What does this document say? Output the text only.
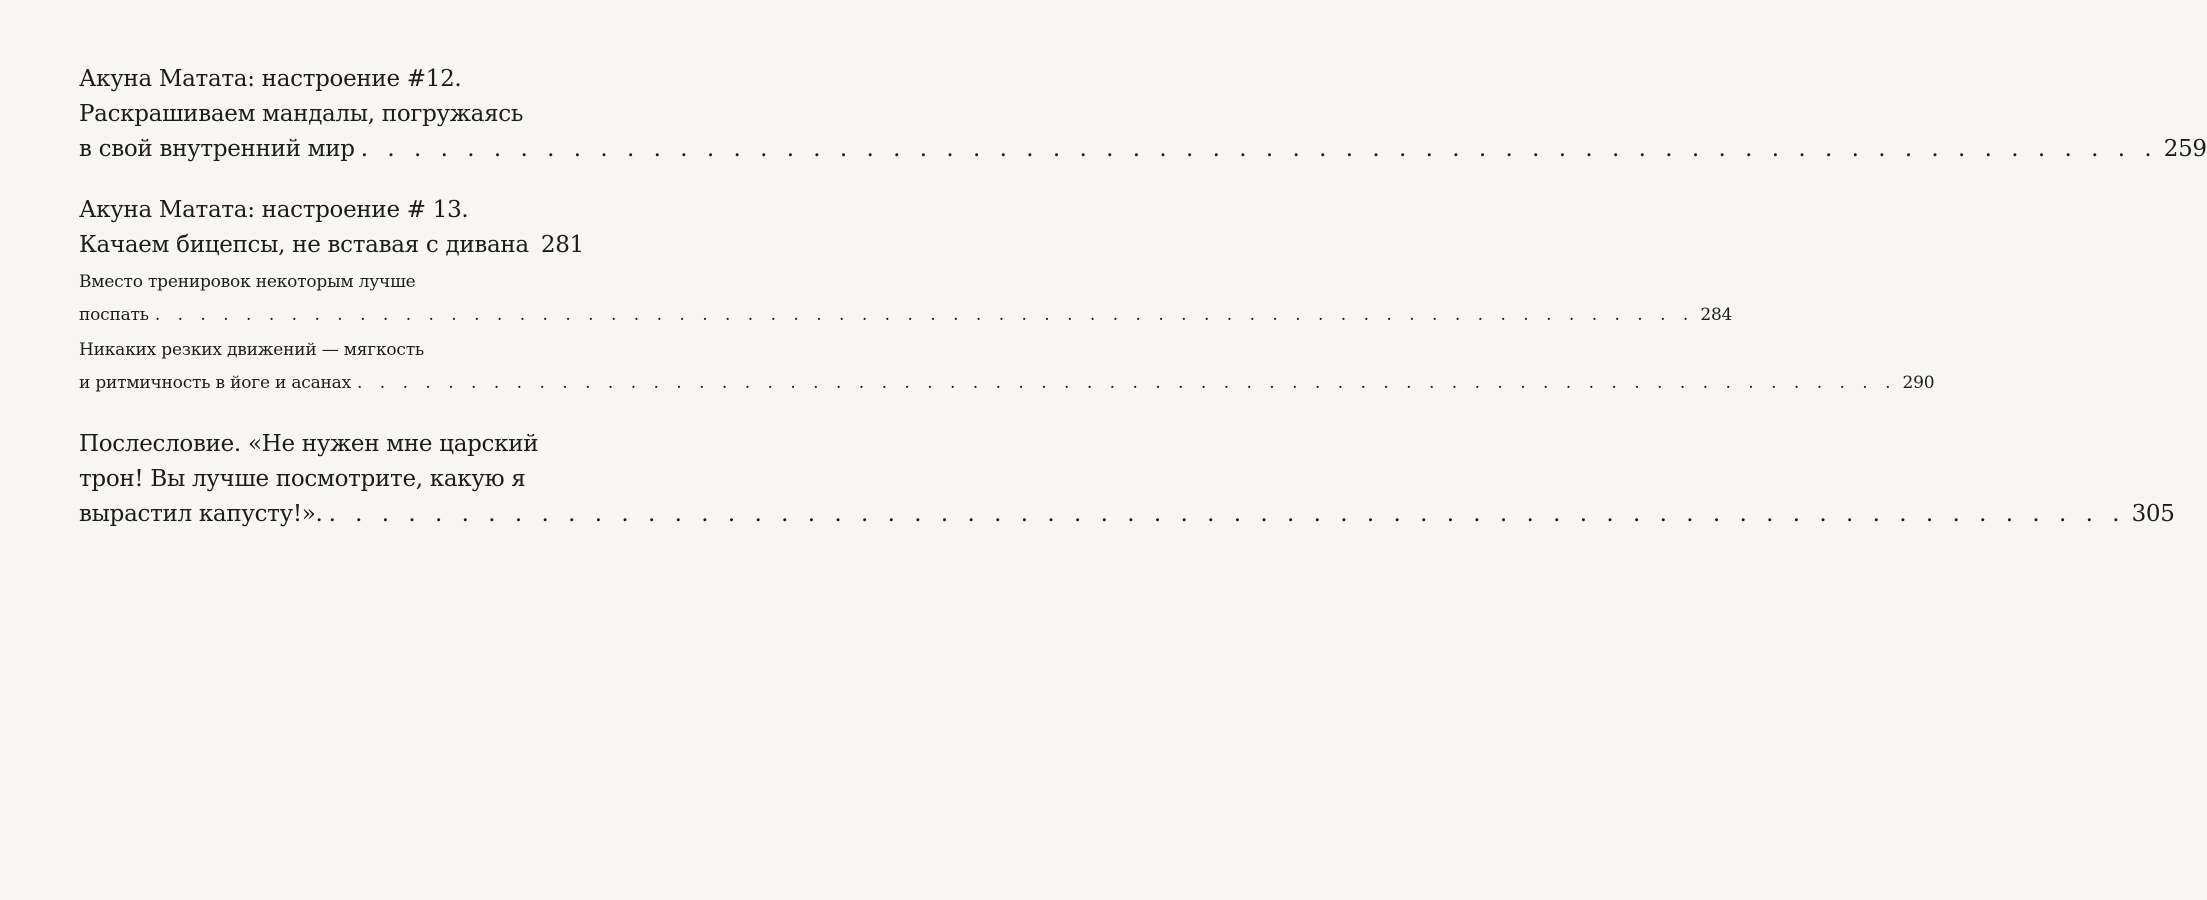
Акуна Матата: настроение #12.
Раскрашиваем мандалы, погружаясь
в свой внутренний мир . . .	259
Акуна Матата: настроение # 13.
Качаем бицепсы, не вставая с дивана 281
Вместо тренировок некоторым лучше
поспать . . .	284
Никаких резких движений — мягкость
и ритмичность в йоге и асанах . . .	290
Послесловие. «Не нужен мне царский
трон! Вы лучше посмотрите, какую я
вырастил капусту!». . . .	305
